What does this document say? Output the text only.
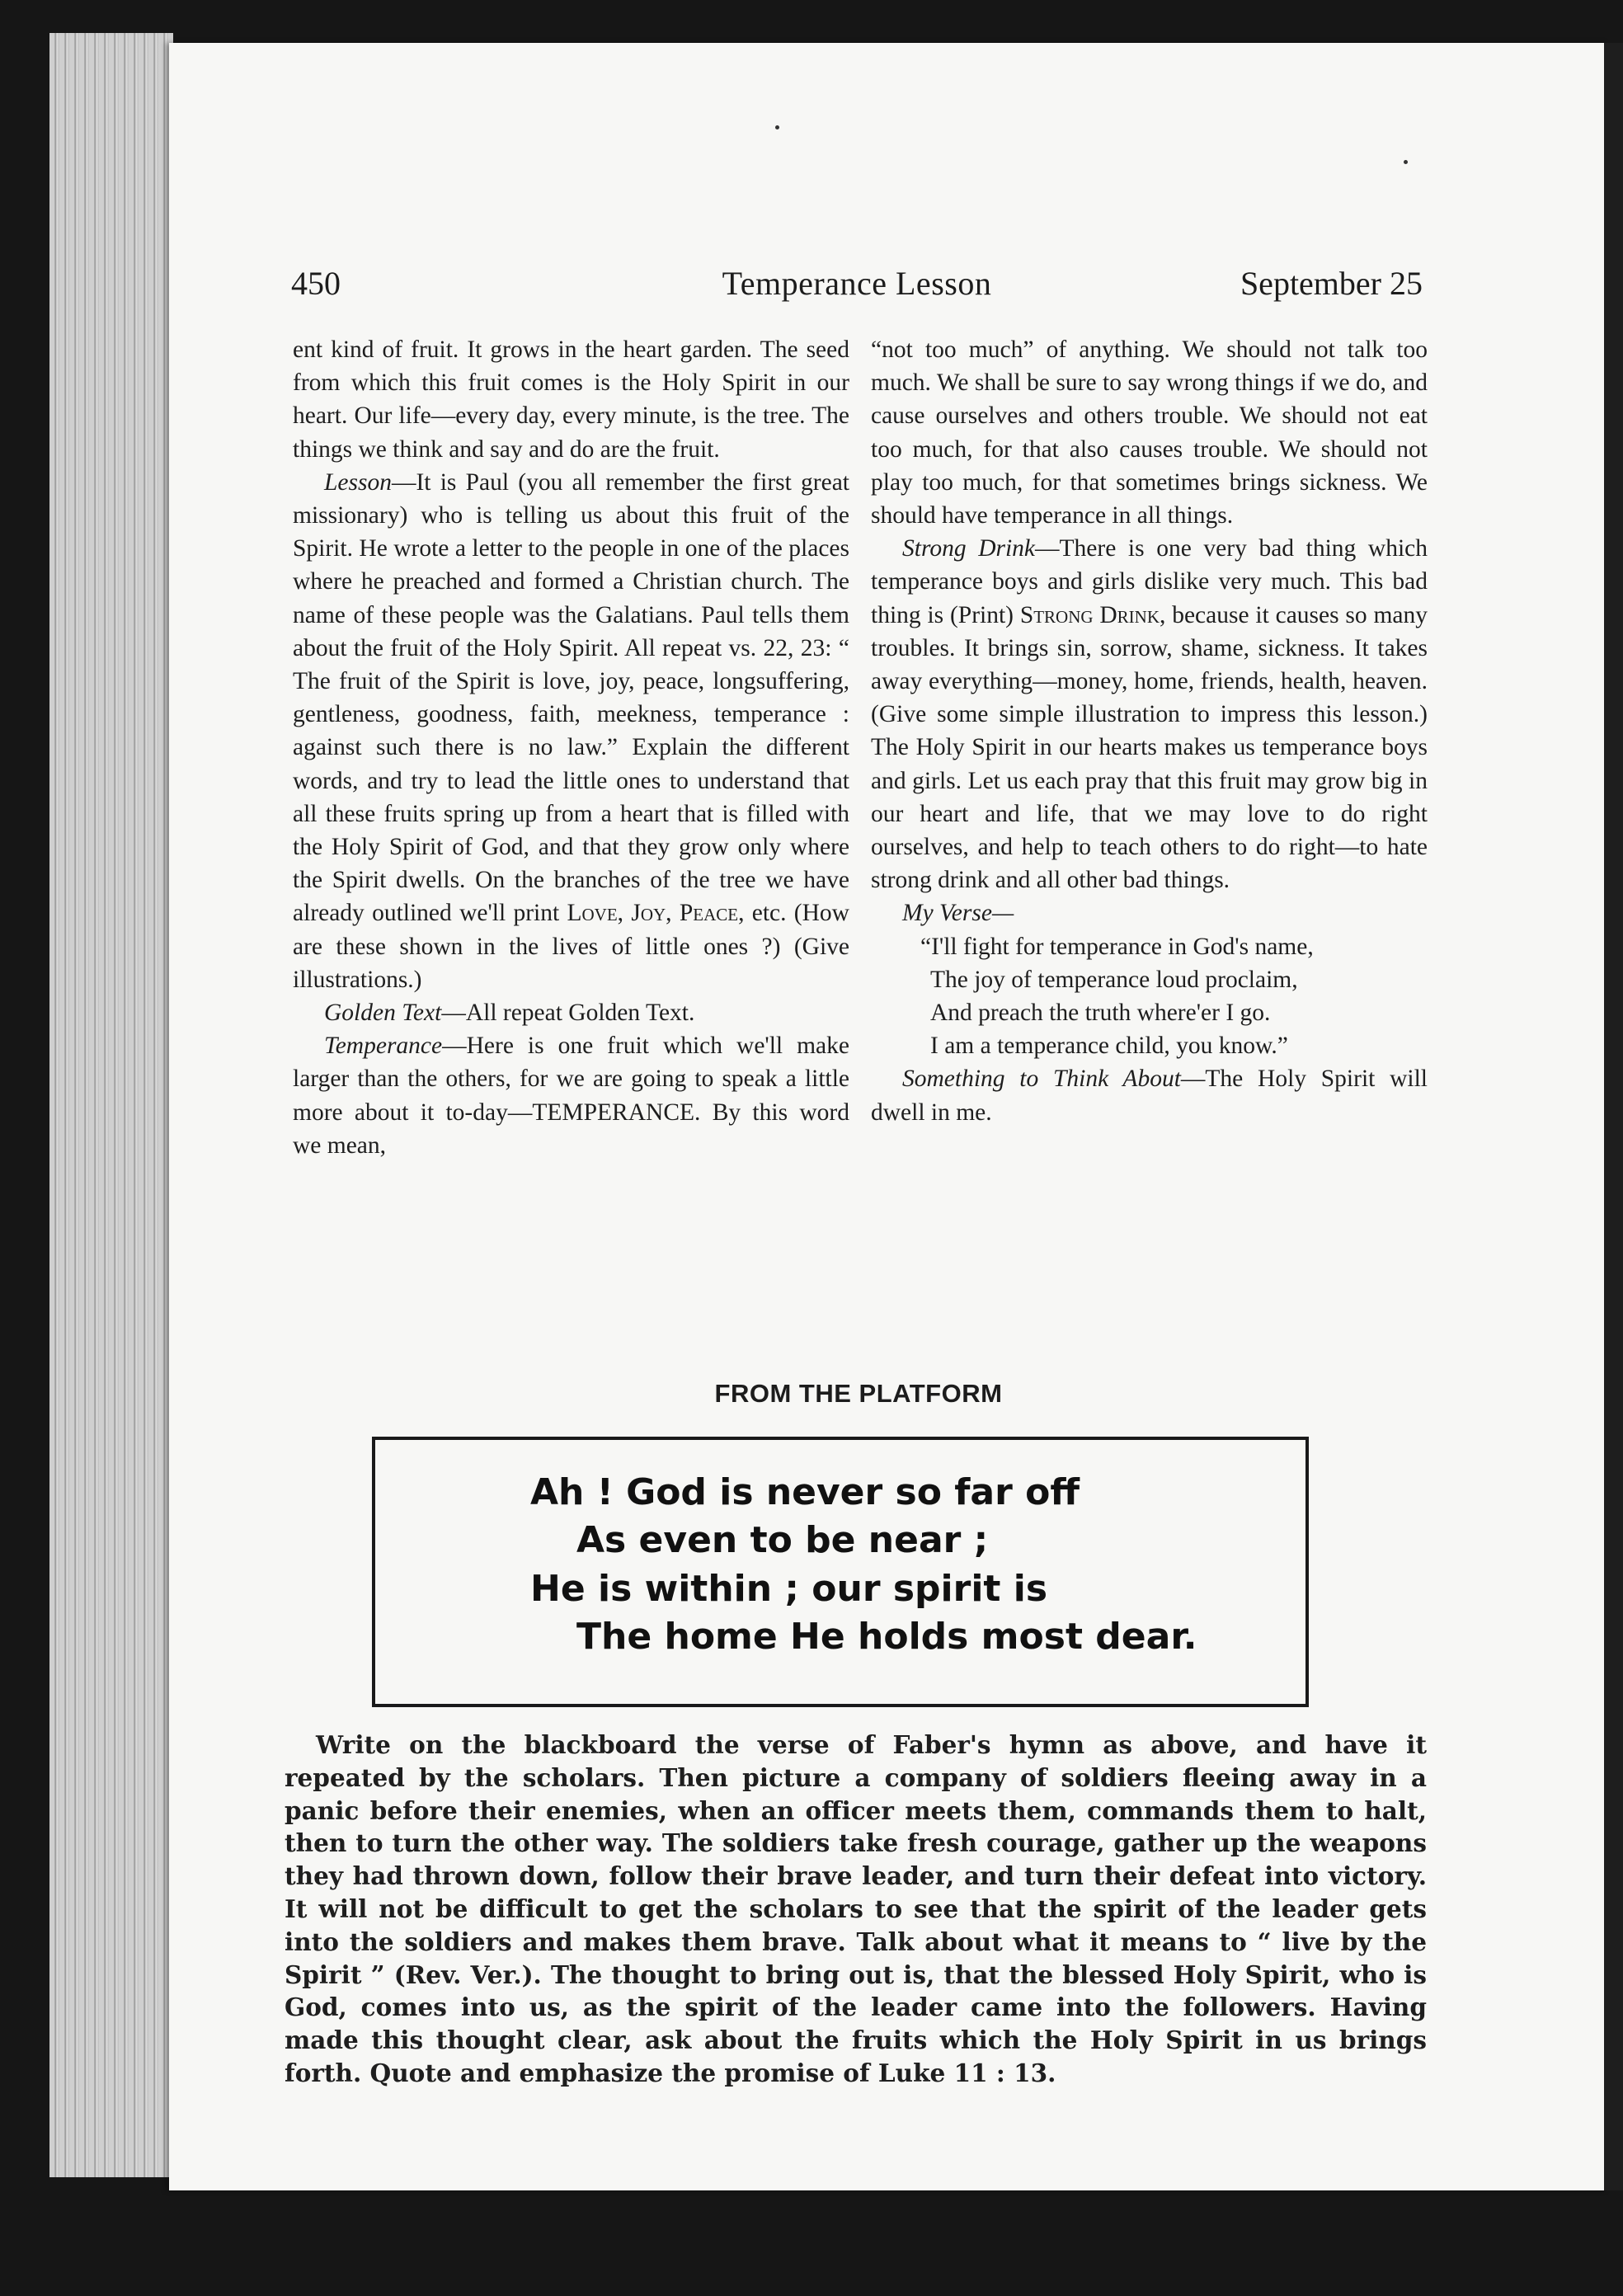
450	Temperance Lesson	September 25

ent kind of fruit. It grows in the heart garden. The seed from which this fruit comes is the Holy Spirit in our heart. Our life—every day, every minute, is the tree. The things we think and say and do are the fruit.

Lesson—It is Paul (you all remember the first great missionary) who is telling us about this fruit of the Spirit. He wrote a letter to the people in one of the places where he preached and formed a Christian church. The name of these people was the Galatians. Paul tells them about the fruit of the Holy Spirit. All repeat vs. 22, 23: “ The fruit of the Spirit is love, joy, peace, longsuffering, gentleness, goodness, faith, meekness, temperance : against such there is no law.” Explain the different words, and try to lead the little ones to understand that all these fruits spring up from a heart that is filled with the Holy Spirit of God, and that they grow only where the Spirit dwells. On the branches of the tree we have already outlined we'll print Love, Joy, Peace, etc. (How are these shown in the lives of little ones ?) (Give illustrations.)

Golden Text—All repeat Golden Text.

Temperance—Here is one fruit which we'll make larger than the others, for we are going to speak a little more about it to-day—TEMPERANCE. By this word we mean,

“not too much” of anything. We should not talk too much. We shall be sure to say wrong things if we do, and cause ourselves and others trouble. We should not eat too much, for that also causes trouble. We should not play too much, for that sometimes brings sickness. We should have temperance in all things.

Strong Drink—There is one very bad thing which temperance boys and girls dislike very much. This bad thing is (Print) Strong Drink, because it causes so many troubles. It brings sin, sorrow, shame, sickness. It takes away everything—money, home, friends, health, heaven. (Give some simple illustration to impress this lesson.) The Holy Spirit in our hearts makes us temperance boys and girls. Let us each pray that this fruit may grow big in our heart and life, that we may love to do right ourselves, and help to teach others to do right—to hate strong drink and all other bad things.

My Verse—

“I'll fight for temperance in God's name,
The joy of temperance loud proclaim,
And preach the truth where'er I go.
I am a temperance child, you know.”

Something to Think About—The Holy Spirit will dwell in me.

FROM THE PLATFORM
Ah ! God is never so far off
As even to be near ;
He is within ; our spirit is
The home He holds most dear.

Write on the blackboard the verse of Faber's hymn as above, and have it repeated by the scholars. Then picture a company of soldiers fleeing away in a panic before their enemies, when an officer meets them, commands them to halt, then to turn the other way. The soldiers take fresh courage, gather up the weapons they had thrown down, follow their brave leader, and turn their defeat into victory. It will not be difficult to get the scholars to see that the spirit of the leader gets into the soldiers and makes them brave. Talk about what it means to “ live by the Spirit ” (Rev. Ver.). The thought to bring out is, that the blessed Holy Spirit, who is God, comes into us, as the spirit of the leader came into the followers. Having made this thought clear, ask about the fruits which the Holy Spirit in us brings forth. Quote and emphasize the promise of Luke 11 : 13.
